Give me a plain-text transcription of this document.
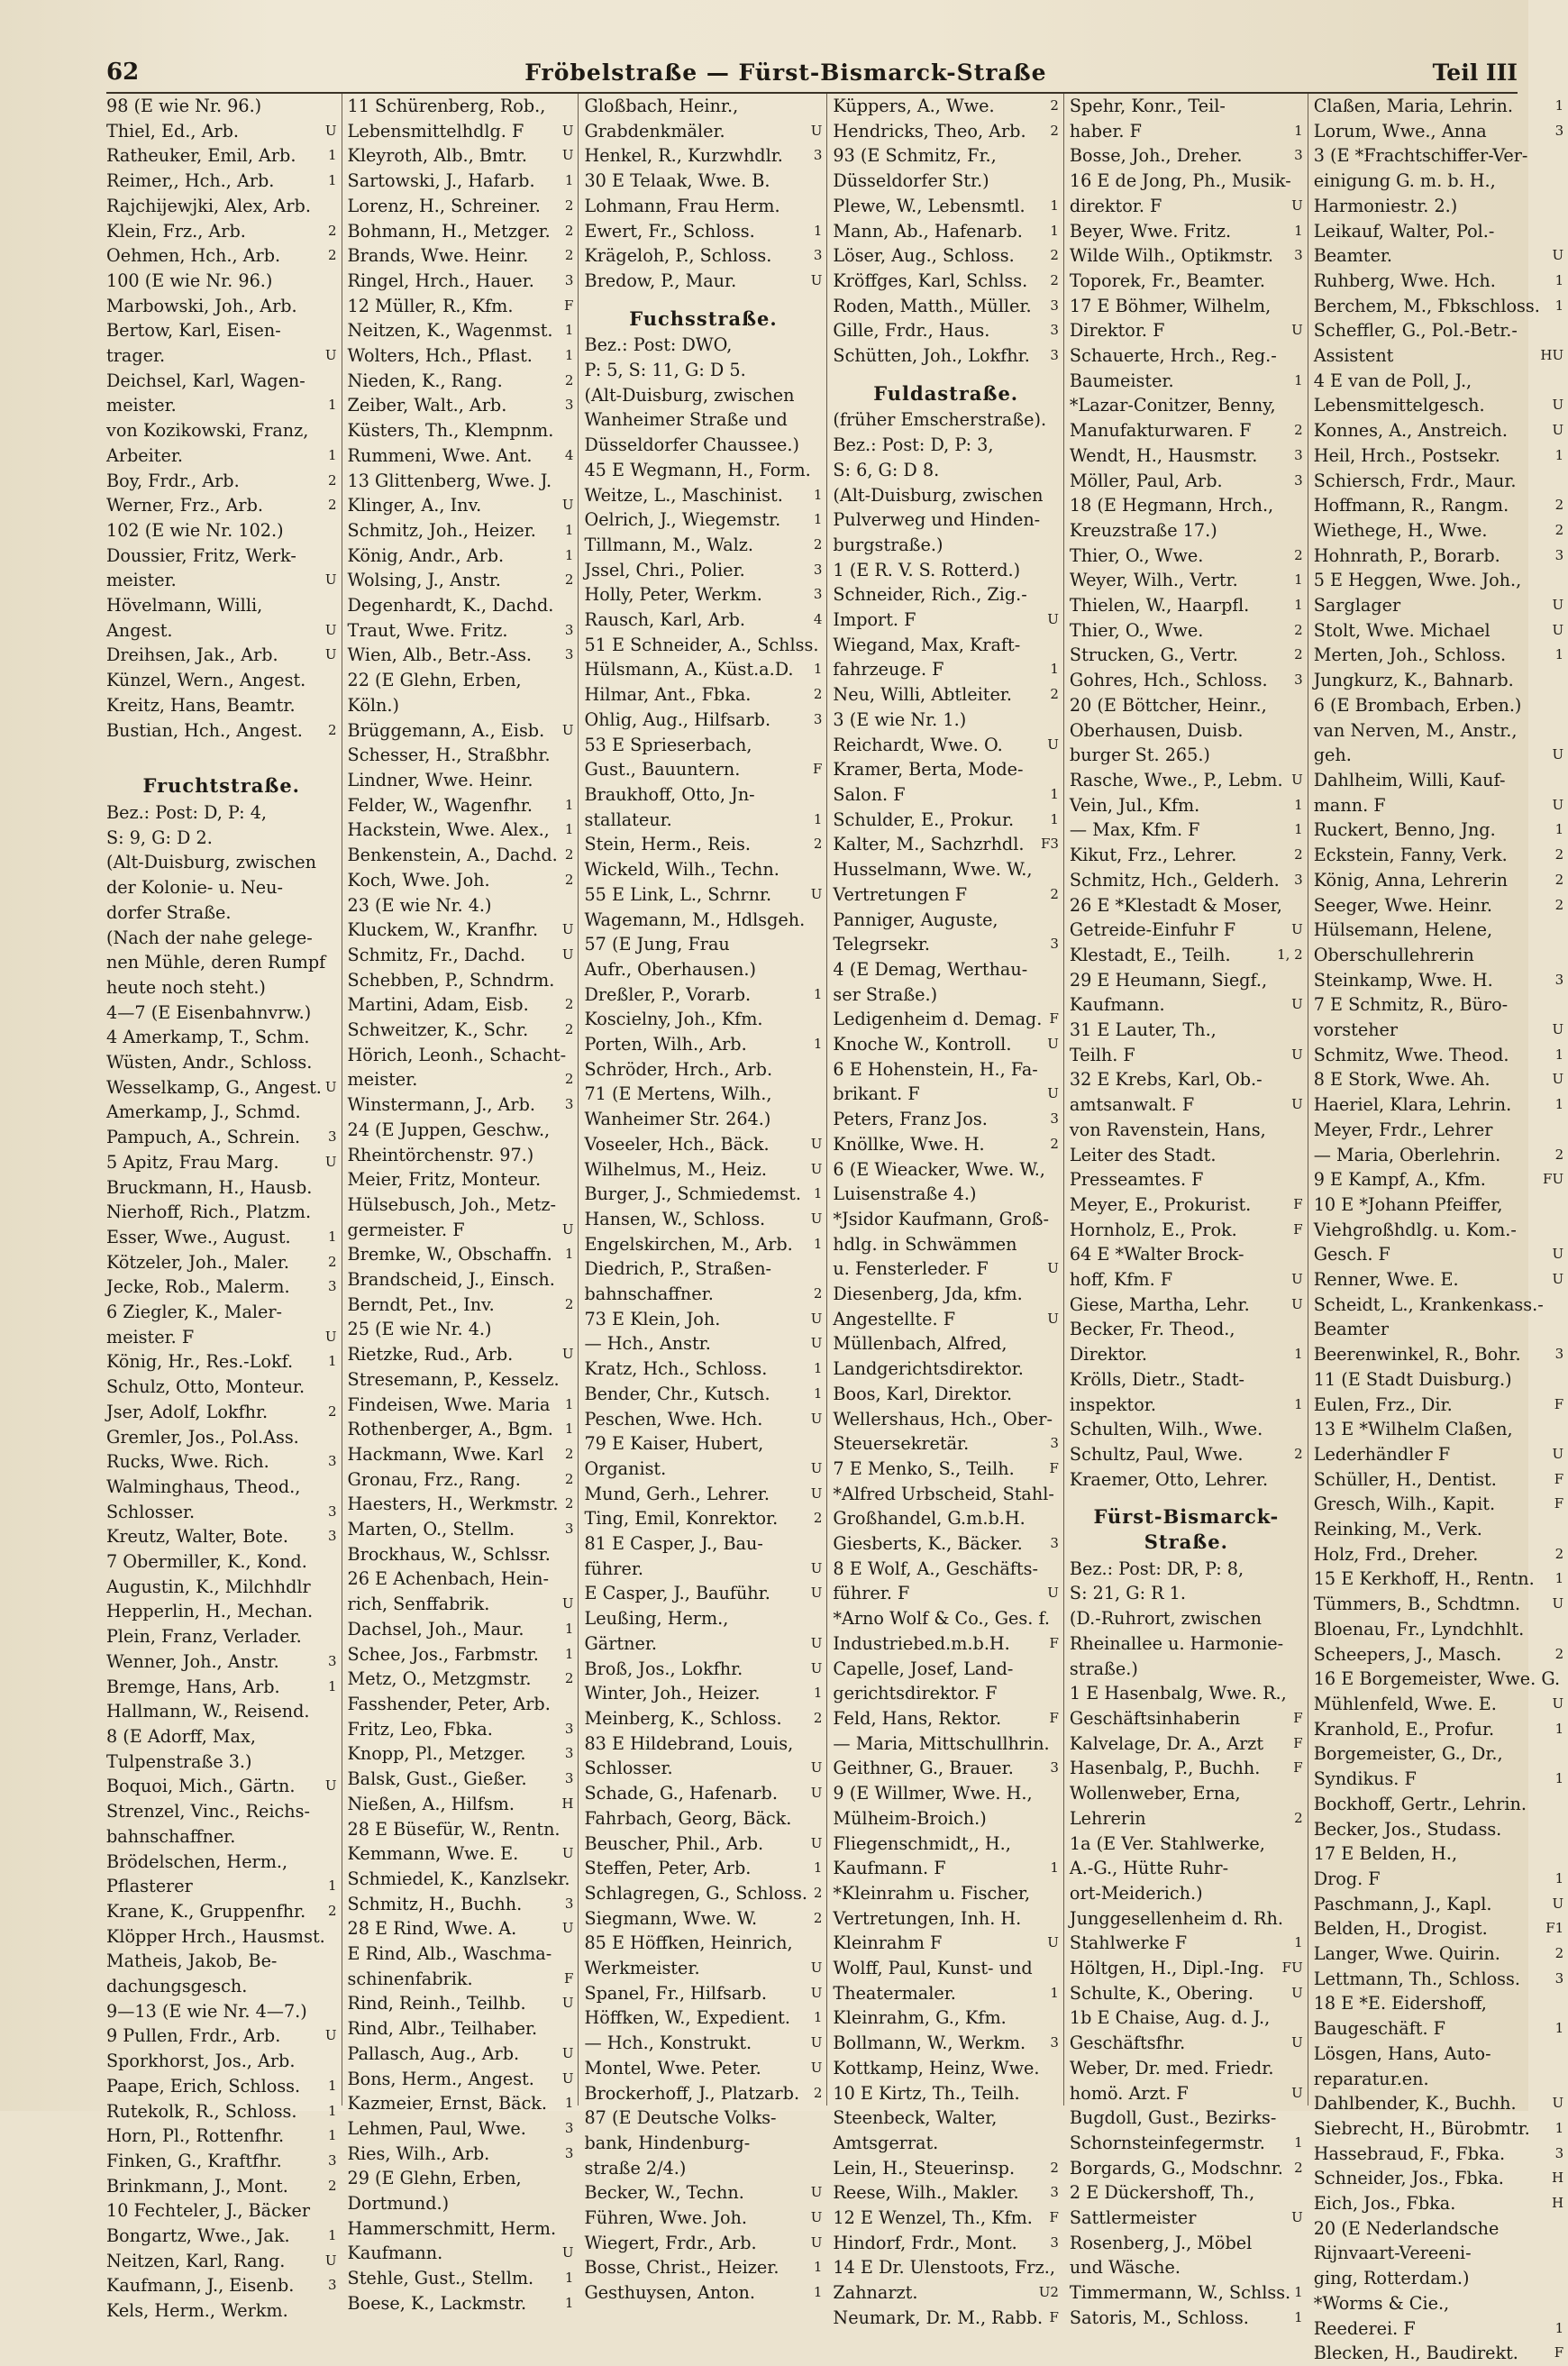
62	Fröbelstraße — Fürst-Bismarck-Straße	Teil III
98 (E wie Nr. 96.)
Thiel, Ed., Arb.	U
Ratheuker, Emil, Arb. 1
Reimer,, Hch., Arb.	1
Rajchijewjki, Alex, Arb.
Klein, Frz., Arb.	2
Oehmen, Hch., Arb.	2
100 (E wie Nr. 96.)
Marbowski, Joh., Arb.
Bertow, Karl, Eisen-
trager.	U
Deichsel, Karl, Wagen-
meister.	1
von Kozikowski, Franz,
Arbeiter.	1
Boy, Frdr., Arb.	2
Werner, Frz., Arb.	2
102 (E wie Nr. 102.)
Doussier, Fritz, Werk-
meister.	U
Hövelmann, Willi,
Angest.	U
Dreihsen, Jak., Arb.	U
Künzel, Wern., Angest.
Kreitz, Hans, Beamtr.
Bustian, Hch., Angest. 2
Fruchtstraße.
Bez.: Post: D, P: 4,
S: 9, G: D 2.
(Alt-Duisburg, zwischen
der Kolonie- u. Neu-
dorfer Straße.
(Nach der nahe gelege-
nen Mühle, deren Rumpf
heute noch steht.)
4—7 (E Eisenbahnvrw.)
4 Amerkamp, T., Schm.
Wüsten, Andr., Schloss.
Wesselkamp, G., Angest. U
Amerkamp, J., Schmd.
Pampuch, A., Schrein. 3
5 Apitz, Frau Marg.	U
Bruckmann, H., Hausb.
Nierhoff, Rich., Platzm.
Esser, Wwe., August.	1
Kötzeler, Joh., Maler.	2
Jecke, Rob., Malerm.	3
6 Ziegler, K., Maler-
meister. F	U
König, Hr., Res.-Lokf.	1
Schulz, Otto, Monteur.
Jser, Adolf, Lokfhr.	2
Gremler, Jos., Pol.Ass.
Rucks, Wwe. Rich.	3
Walminghaus, Theod.,
Schlosser.	3
Kreutz, Walter, Bote.	3
7 Obermiller, K., Kond.
Augustin, K., Milchhdlr
Hepperlin, H., Mechan.
Plein, Franz, Verlader.
Wenner, Joh., Anstr.	3
Bremge, Hans, Arb.	1
Hallmann, W., Reisend.
8 (E Adorff, Max,
Tulpenstraße 3.)
Boquoi, Mich., Gärtn. U
Strenzel, Vinc., Reichs-
bahnschaffner.
Brödelschen, Herm.,
Pflasterer	1
Krane, K., Gruppenfhr. 2
Klöpper Hrch., Hausmst.
Matheis, Jakob, Be-
dachungsgesch.
9—13 (E wie Nr. 4—7.)
9 Pullen, Frdr., Arb.	U
Sporkhorst, Jos., Arb.
Paape, Erich, Schloss. 1
Rutekolk, R., Schloss. 1
Horn, Pl., Rottenfhr.	1
Finken, G., Kraftfhr.	3
Brinkmann, J., Mont.	2
10 Fechteler, J., Bäcker
Bongartz, Wwe., Jak.	1
Neitzen, Karl, Rang.	U
Kaufmann, J., Eisenb.	3
Kels, Herm., Werkm.
11 Schürenberg, Rob.,
Lebensmittelhdlg. F	U
Kleyroth, Alb., Bmtr.	U
Sartowski, J., Hafarb. 1
Lorenz, H., Schreiner. 2
Bohmann, H., Metzger. 2
Brands, Wwe. Heinr.	2
Ringel, Hrch., Hauer. 3
12 Müller, R., Kfm.	F
Neitzen, K., Wagenmst. 1
Wolters, Hch., Pflast. 1
Nieden, K., Rang.	2
Zeiber, Walt., Arb.	3
Küsters, Th., Klempnm.
Rummeni, Wwe. Ant. 4
13 Glittenberg, Wwe. J.
Klinger, A., Inv.	U
Schmitz, Joh., Heizer. 1
König, Andr., Arb.	1
Wolsing, J., Anstr.	2
Degenhardt, K., Dachd.
Traut, Wwe. Fritz.	3
Wien, Alb., Betr.-Ass. 3
22 (E Glehn, Erben,
Köln.)
Brüggemann, A., Eisb. U
Schesser, H., Straßbhr.
Lindner, Wwe. Heinr.
Felder, W., Wagenfhr. 1
Hackstein, Wwe. Alex., 1
Benkenstein, A., Dachd. 2
Koch, Wwe. Joh.	2
23 (E wie Nr. 4.)
Kluckem, W., Kranfhr. U
Schmitz, Fr., Dachd.	U
Schebben, P., Schndrm.
Martini, Adam, Eisb.	2
Schweitzer, K., Schr.	2
Hörich, Leonh., Schacht-
meister.	2
Winstermann, J., Arb. 3
24 (E Juppen, Geschw.,
Rheintörchenstr. 97.)
Meier, Fritz, Monteur.
Hülsebusch, Joh., Metz-
germeister. F	U
Bremke, W., Obschaffn. 1
Brandscheid, J., Einsch.
Berndt, Pet., Inv.	2
25 (E wie Nr. 4.)
Rietzke, Rud., Arb.	U
Stresemann, P., Kesselz.
Findeisen, Wwe. Maria 1
Rothenberger, A., Bgm. 1
Hackmann, Wwe. Karl 2
Gronau, Frz., Rang.	2
Haesters, H., Werkmstr. 2
Marten, O., Stellm.	3
Brockhaus, W., Schlssr.
26 E Achenbach, Hein-
rich, Senffabrik.	U
Dachsel, Joh., Maur.	1
Schee, Jos., Farbmstr. 1
Metz, O., Metzgmstr. 2
Fasshender, Peter, Arb.
Fritz, Leo, Fbka.	3
Knopp, Pl., Metzger.	3
Balsk, Gust., Gießer.	3
Nießen, A., Hilfsm.	H
28 E Büsefür, W., Rentn.
Kemmann, Wwe. E.	U
Schmiedel, K., Kanzlsekr.
Schmitz, H., Buchh.	3
28 E Rind, Wwe. A.	U
E Rind, Alb., Waschma-
schinenfabrik.	F
Rind, Reinh., Teilhb.	U
Rind, Albr., Teilhaber.
Pallasch, Aug., Arb.	U
Bons, Herm., Angest. U
Kazmeier, Ernst, Bäck. 1
Lehmen, Paul, Wwe.	3
Ries, Wilh., Arb.	3
29 (E Glehn, Erben,
Dortmund.)
Hammerschmitt, Herm.
Kaufmann.	U
Stehle, Gust., Stellm. 1
Boese, K., Lackmstr.	1
Gloßbach, Heinr.,
Grabdenkmäler.	U
Henkel, R., Kurzwhdlr. 3
30 E Telaak, Wwe. B.
Lohmann, Frau Herm.
Ewert, Fr., Schloss.	1
Krägeloh, P., Schloss.	3
Bredow, P., Maur.	U
Fuchsstraße.
Bez.: Post: DWO,
P: 5, S: 11, G: D 5.
(Alt-Duisburg, zwischen
Wanheimer Straße und
Düsseldorfer Chaussee.)
45 E Wegmann, H., Form.
Weitze, L., Maschinist. 1
Oelrich, J., Wiegemstr. 1
Tillmann, M., Walz.	2
Jssel, Chri., Polier.	3
Holly, Peter, Werkm.	3
Rausch, Karl, Arb.	4
51 E Schneider, A., Schlss.
Hülsmann, A., Küst.a.D. 1
Hilmar, Ant., Fbka.	2
Ohlig, Aug., Hilfsarb.	3
53 E Sprieserbach,
Gust., Bauuntern.	F
Braukhoff, Otto, Jn-
stallateur.	1
Stein, Herm., Reis.	2
Wickeld, Wilh., Techn.
55 E Link, L., Schrnr.	U
Wagemann, M., Hdlsgeh.
57 (E Jung, Frau
Aufr., Oberhausen.)
Dreßler, P., Vorarb.	1
Koscielny, Joh., Kfm.
Porten, Wilh., Arb.	1
Schröder, Hrch., Arb.
71 (E Mertens, Wilh.,
Wanheimer Str. 264.)
Voseeler, Hch., Bäck.	U
Wilhelmus, M., Heiz.	U
Burger, J., Schmiedemst. 1
Hansen, W., Schloss.	U
Engelskirchen, M., Arb. 1
Diedrich, P., Straßen-
bahnschaffner.	2
73 E Klein, Joh.	U
— Hch., Anstr.	U
Kratz, Hch., Schloss.	1
Bender, Chr., Kutsch.	1
Peschen, Wwe. Hch.	U
79 E Kaiser, Hubert,
Organist.	U
Mund, Gerh., Lehrer.	U
Ting, Emil, Konrektor.	2
81 E Casper, J., Bau-
führer.	U
E Casper, J., Bauführ.	U
Leußing, Herm.,
Gärtner.	U
Broß, Jos., Lokfhr.	U
Winter, Joh., Heizer.	1
Meinberg, K., Schloss. 2
83 E Hildebrand, Louis,
Schlosser.	U
Schade, G., Hafenarb. U
Fahrbach, Georg, Bäck.
Beuscher, Phil., Arb.	U
Steffen, Peter, Arb.	1
Schlagregen, G., Schloss. 2
Siegmann, Wwe. W.	2
85 E Höffken, Heinrich,
Werkmeister.	U
Spanel, Fr., Hilfsarb.	U
Höffken, W., Expedient. 1
— Hch., Konstrukt.	U
Montel, Wwe. Peter.	U
Brockerhoff, J., Platzarb. 2
87 (E Deutsche Volks-
bank, Hindenburg-
straße 2/4.)
Becker, W., Techn.	U
Führen, Wwe. Joh.	U
Wiegert, Frdr., Arb.	U
Bosse, Christ., Heizer.	1
Gesthuysen, Anton.	1
Küppers, A., Wwe.	2
Hendricks, Theo, Arb. 2
93 (E Schmitz, Fr.,
Düsseldorfer Str.)
Plewe, W., Lebensmtl. 1
Mann, Ab., Hafenarb. 1
Löser, Aug., Schloss.	2
Kröffges, Karl, Schlss. 2
Roden, Matth., Müller. 3
Gille, Frdr., Haus.	3
Schütten, Joh., Lokfhr. 3
Fuldastraße.
(früher Emscherstraße).
Bez.: Post: D, P: 3,
S: 6, G: D 8.
(Alt-Duisburg, zwischen
Pulverweg und Hinden-
burgstraße.)
1 (E R. V. S. Rotterd.)
Schneider, Rich., Zig.-
Import. F	U
Wiegand, Max, Kraft-
fahrzeuge. F	1
Neu, Willi, Abtleiter.	2
3 (E wie Nr. 1.)
Reichardt, Wwe. O.	U
Kramer, Berta, Mode-
Salon. F	1
Schulder, E., Prokur.	1
Kalter, M., Sachzrhdl. F3
Husselmann, Wwe. W.,
Vertretungen F	2
Panniger, Auguste,
Telegrsekr.	3
4 (E Demag, Werthau-
ser Straße.)
Ledigenheim d. Demag. F
Knoche W., Kontroll.	U
6 E Hohenstein, H., Fa-
brikant. F	U
Peters, Franz Jos.	3
Knöllke, Wwe. H.	2
6 (E Wieacker, Wwe. W.,
Luisenstraße 4.)
*Jsidor Kaufmann, Groß-
hdlg. in Schwämmen
u. Fensterleder. F	U
Diesenberg, Jda, kfm.
Angestellte. F	U
Müllenbach, Alfred,
Landgerichtsdirektor.
Boos, Karl, Direktor.
Wellershaus, Hch., Ober-
Steuersekretär.	3
7 E Menko, S., Teilh.	F
*Alfred Urbscheid, Stahl-
Großhandel, G.m.b.H.
Giesberts, K., Bäcker. 3
8 E Wolf, A., Geschäfts-
führer. F	U
*Arno Wolf & Co., Ges. f.
Industriebed.m.b.H.	F
Capelle, Josef, Land-
gerichtsdirektor. F
Feld, Hans, Rektor.	F
— Maria, Mittschullhrin.
Geithner, G., Brauer.	3
9 (E Willmer, Wwe. H.,
Mülheim-Broich.)
Fliegenschmidt,, H.,
Kaufmann. F	1
*Kleinrahm u. Fischer,
Vertretungen, Inh. H.
Kleinrahm F	U
Wolff, Paul, Kunst- und
Theatermaler.	1
Kleinrahm, G., Kfm.
Bollmann, W., Werkm. 3
Kottkamp, Heinz, Wwe.
10 E Kirtz, Th., Teilh.
Steenbeck, Walter,
Amtsgerrat.
Lein, H., Steuerinsp.	2
Reese, Wilh., Makler. 3
12 E Wenzel, Th., Kfm. F
Hindorf, Frdr., Mont. 3
14 E Dr. Ulenstoots, Frz.,
Zahnarzt.	U2
Neumark, Dr. M., Rabb. F
Spehr, Konr., Teil-
haber. F	1
Bosse, Joh., Dreher.	3
16 E de Jong, Ph., Musik-
direktor. F	U
Beyer, Wwe. Fritz.	1
Wilde Wilh., Optikmstr. 3
Toporek, Fr., Beamter.
17 E Böhmer, Wilhelm,
Direktor. F	U
Schauerte, Hrch., Reg.-
Baumeister.	1
*Lazar-Conitzer, Benny,
Manufakturwaren. F	2
Wendt, H., Hausmstr.	3
Möller, Paul, Arb.	3
18 (E Hegmann, Hrch.,
Kreuzstraße 17.)
Thier, O., Wwe.	2
Weyer, Wilh., Vertr.	1
Thielen, W., Haarpfl.	1
Thier, O., Wwe.	2
Strucken, G., Vertr.	2
Gohres, Hch., Schloss. 3
20 (E Böttcher, Heinr.,
Oberhausen, Duisb.
burger St. 265.)
Rasche, Wwe., P., Lebm. U
Vein, Jul., Kfm.	1
— Max, Kfm. F	1
Kikut, Frz., Lehrer.	2
Schmitz, Hch., Gelderh. 3
26 E *Klestadt & Moser,
Getreide-Einfuhr F	U
Klestadt, E., Teilh.	1, 2
29 E Heumann, Siegf.,
Kaufmann.	U
31 E Lauter, Th.,
Teilh. F	U
32 E Krebs, Karl, Ob.-
amtsanwalt. F	U
von Ravenstein, Hans,
Leiter des Stadt.
Presseamtes. F
Meyer, E., Prokurist.	F
Hornholz, E., Prok.	F
64 E *Walter Brock-
hoff, Kfm. F	U
Giese, Martha, Lehr.	U
Becker, Fr. Theod.,
Direktor.	1
Krölls, Dietr., Stadt-
inspektor.	1
Schulten, Wilh., Wwe.
Schultz, Paul, Wwe.	2
Kraemer, Otto, Lehrer.
Fürst-Bismarck-Straße.
Bez.: Post: DR, P: 8,
S: 21, G: R 1.
(D.-Ruhrort, zwischen
Rheinallee u. Harmonie-
straße.)
1 E Hasenbalg, Wwe. R.,
Geschäftsinhaberin	F
Kalvelage, Dr. A., Arzt F
Hasenbalg, P., Buchh. F
Wollenweber, Erna,
Lehrerin	2
1a (E Ver. Stahlwerke,
A.-G., Hütte Ruhr-
ort-Meiderich.)
Junggesellenheim d. Rh.
Stahlwerke F	1
Höltgen, H., Dipl.-Ing. FU
Schulte, K., Obering.	U
1b E Chaise, Aug. d. J.,
Geschäftsfhr.	U
Weber, Dr. med. Friedr.
homö. Arzt. F	U
Bugdoll, Gust., Bezirks-
Schornsteinfegermstr. 1
Borgards, G., Modschnr. 2
2 E Dückershoff, Th.,
Sattlermeister	U
Rosenberg, J., Möbel
und Wäsche.
Timmermann, W., Schlss. 1
Satoris, M., Schloss.	1
Claßen, Maria, Lehrin.	1
Lorum, Wwe., Anna	3
3 (E *Frachtschiffer-Ver-
einigung G. m. b. H.,
Harmoniestr. 2.)
Leikauf, Walter, Pol.-
Beamter.	U
Ruhberg, Wwe. Hch.	1
Berchem, M., Fbkschloss. 1
Scheffler, G., Pol.-Betr.-
Assistent	HU
4 E van de Poll, J.,
Lebensmittelgesch.	U
Konnes, A., Anstreich.	U
Heil, Hrch., Postsekr.	1
Schiersch, Frdr., Maur.
Hoffmann, R., Rangm.	2
Wiethege, H., Wwe.	2
Hohnrath, P., Borarb.	3
5 E Heggen, Wwe. Joh.,
Sarglager	U
Stolt, Wwe. Michael	U
Merten, Joh., Schloss.	1
Jungkurz, K., Bahnarb.
6 (E Brombach, Erben.)
van Nerven, M., Anstr.,
geh.	U
Dahlheim, Willi, Kauf-
mann. F	U
Ruckert, Benno, Jng.	1
Eckstein, Fanny, Verk.	2
König, Anna, Lehrerin	2
Seeger, Wwe. Heinr.	2
Hülsemann, Helene,
Oberschullehrerin
Steinkamp, Wwe. H.	3
7 E Schmitz, R., Büro-
vorsteher	U
Schmitz, Wwe. Theod.	1
8 E Stork, Wwe. Ah.	U
Haeriel, Klara, Lehrin.	1
Meyer, Frdr., Lehrer
— Maria, Oberlehrin.	2
9 E Kampf, A., Kfm.	FU
10 E *Johann Pfeiffer,
Viehgroßhdlg. u. Kom.-
Gesch. F	U
Renner, Wwe. E.	U
Scheidt, L., Krankenkass.-
Beamter
Beerenwinkel, R., Bohr.	3
11 (E Stadt Duisburg.)
Eulen, Frz., Dir.	F
13 E *Wilhelm Claßen,
Lederhändler F	U
Schüller, H., Dentist.	F
Gresch, Wilh., Kapit.	F
Reinking, M., Verk.
Holz, Frd., Dreher.	2
15 E Kerkhoff, H., Rentn. 1
Tümmers, B., Schdtmn. U
Bloenau, Fr., Lyndchhlt.
Scheepers, J., Masch.	2
16 E Borgemeister, Wwe. G.
Mühlenfeld, Wwe. E.	U
Kranhold, E., Profur.	1
Borgemeister, G., Dr.,
Syndikus. F	1
Bockhoff, Gertr., Lehrin.
Becker, Jos., Studass.
17 E Belden, H.,
Drog. F	1
Paschmann, J., Kapl.	U
Belden, H., Drogist.	F1
Langer, Wwe. Quirin.	2
Lettmann, Th., Schloss.	3
18 E *E. Eidershoff,
Baugeschäft. F	1
Lösgen, Hans, Auto-
reparatur.en.
Dahlbender, K., Buchh.	U
Siebrecht, H., Bürobmtr. 1
Hassebraud, F., Fbka.	3
Schneider, Jos., Fbka.	H
Eich, Jos., Fbka.	H
20 (E Nederlandsche
Rijnvaart-Vereeni-
ging, Rotterdam.)
*Worms & Cie.,
Reederei. F	1
Blecken, H., Baudirekt.	F
